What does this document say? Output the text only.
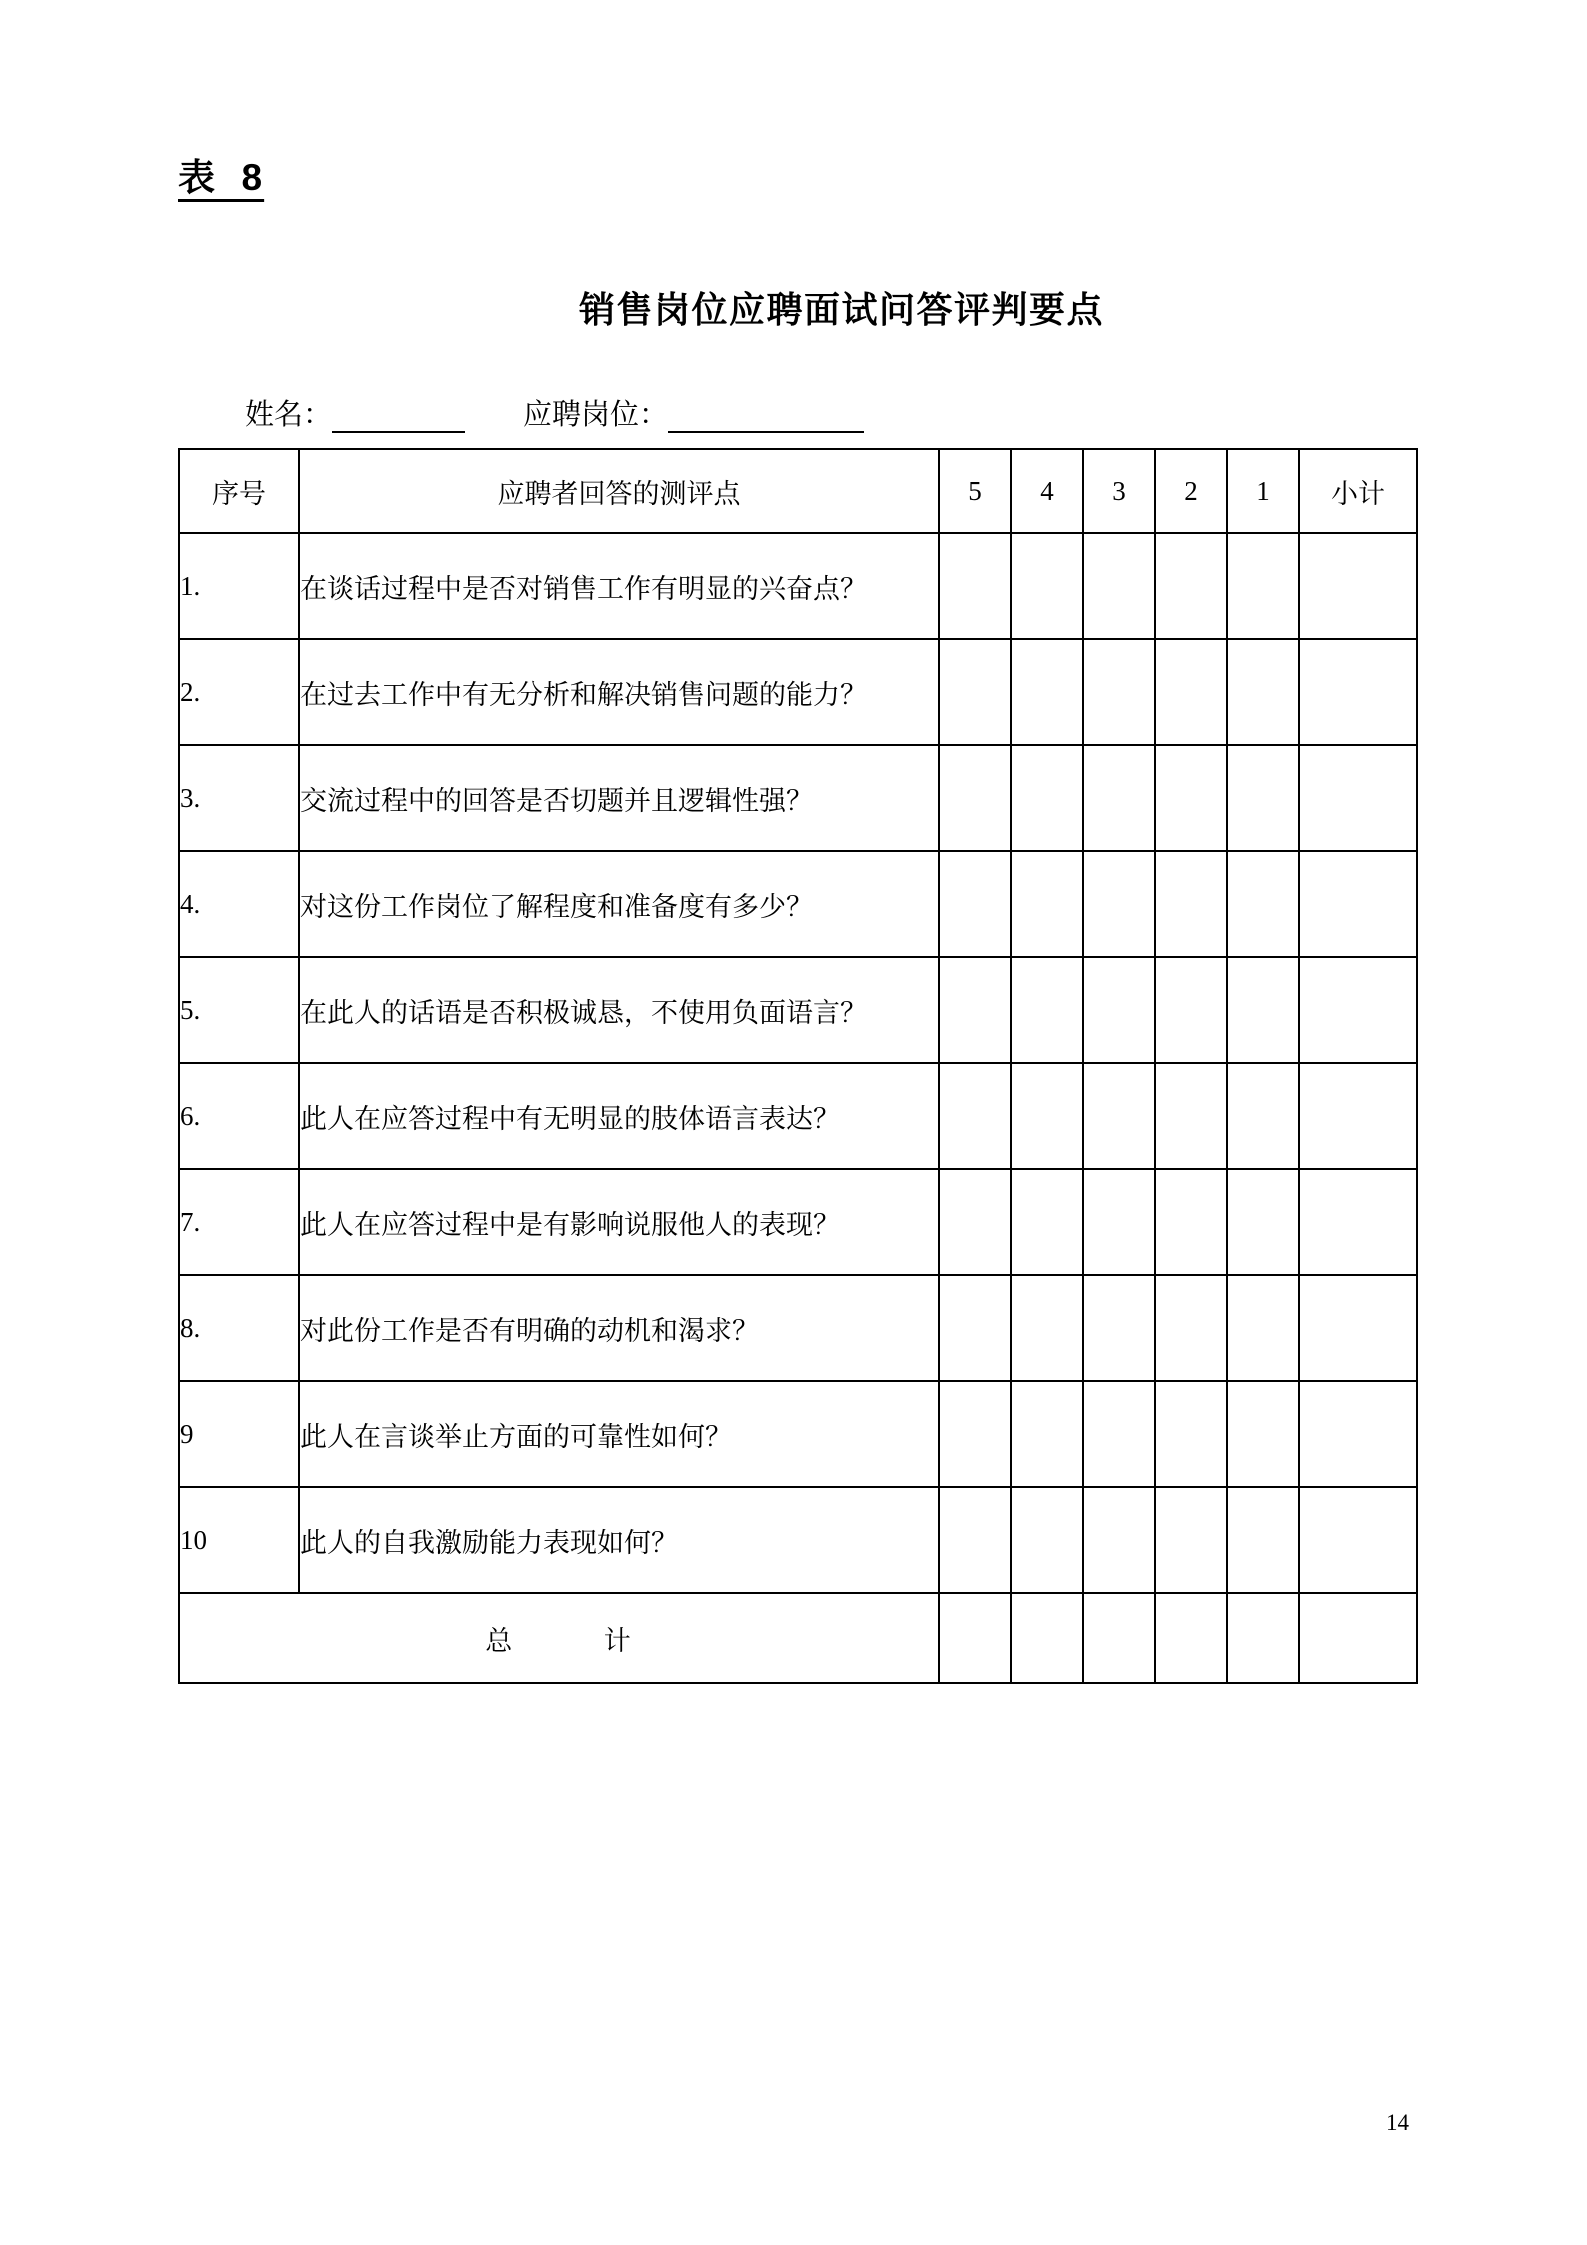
表  8
销售岗位应聘面试问答评判要点
姓名：	应聘岗位：
序号	应聘者回答的测评点	5	4	3	2	1	小计
1.	在谈话过程中是否对销售工作有明显的兴奋点？						
2.	在过去工作中有无分析和解决销售问题的能力？						
3.	交流过程中的回答是否切题并且逻辑性强？						
4.	对这份工作岗位了解程度和准备度有多少？						
5.	在此人的话语是否积极诚恳，不使用负面语言？						
6.	此人在应答过程中有无明显的肢体语言表达？						
7.	此人在应答过程中是有影响说服他人的表现？						
8.	对此份工作是否有明确的动机和渴求？						
9	此人在言谈举止方面的可靠性如何？						
10	此人的自我激励能力表现如何？						
总 计							
14
